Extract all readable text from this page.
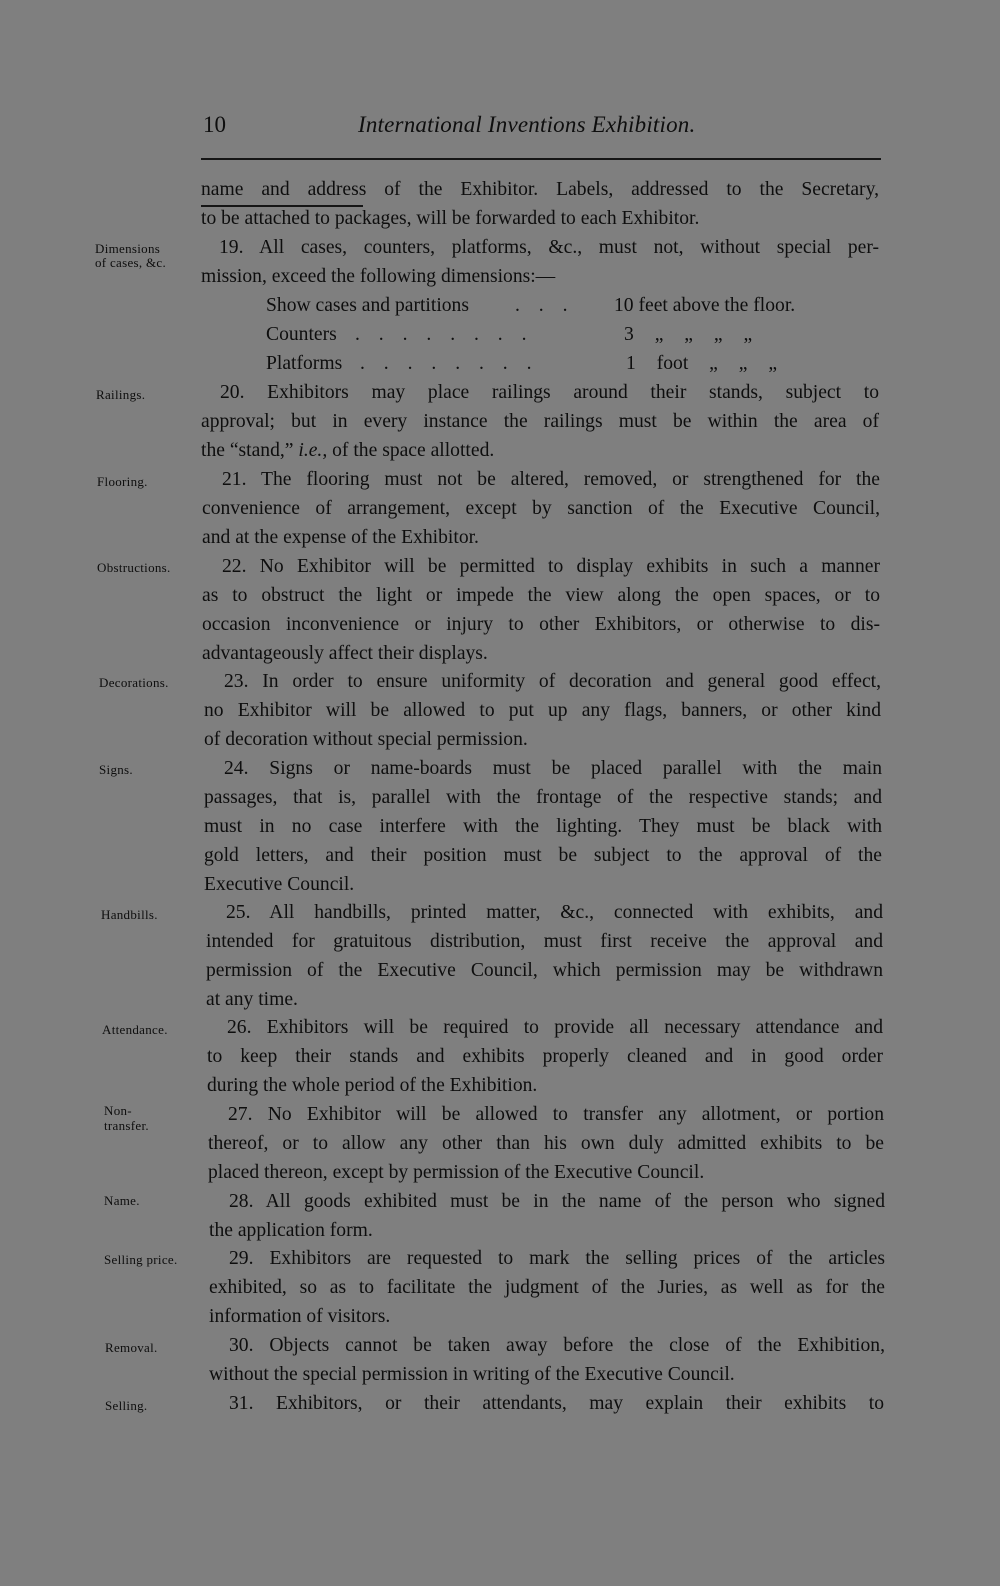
10	International Inventions Exhibition.
name and address of the Exhibitor. Labels, addressed to the Secretary,
to be attached to packages, will be forwarded to each Exhibitor.
19. All cases, counters, platforms, &c., must not, without special per-
mission, exceed the following dimensions:—
Show cases and partitions . . . 10 feet above the floor.
Counters . . . . . . . .	3 „ „ „ „
Platforms . . . . . . . .	1 foot „ „ „
20. Exhibitors may place railings around their stands, subject to
approval; but in every instance the railings must be within the area of
the “stand,” i.e., of the space allotted.
21. The flooring must not be altered, removed, or strengthened for the
convenience of arrangement, except by sanction of the Executive Council,
and at the expense of the Exhibitor.
22. No Exhibitor will be permitted to display exhibits in such a manner
as to obstruct the light or impede the view along the open spaces, or to
occasion inconvenience or injury to other Exhibitors, or otherwise to dis-
advantageously affect their displays.
23. In order to ensure uniformity of decoration and general good effect,
no Exhibitor will be allowed to put up any flags, banners, or other kind
of decoration without special permission.
24. Signs or name-boards must be placed parallel with the main
passages, that is, parallel with the frontage of the respective stands; and
must in no case interfere with the lighting. They must be black with
gold letters, and their position must be subject to the approval of the
Executive Council.
25. All handbills, printed matter, &c., connected with exhibits, and
intended for gratuitous distribution, must first receive the approval and
permission of the Executive Council, which permission may be withdrawn
at any time.
26. Exhibitors will be required to provide all necessary attendance and
to keep their stands and exhibits properly cleaned and in good order
during the whole period of the Exhibition.
27. No Exhibitor will be allowed to transfer any allotment, or portion
thereof, or to allow any other than his own duly admitted exhibits to be
placed thereon, except by permission of the Executive Council.
28. All goods exhibited must be in the name of the person who signed
the application form.
29. Exhibitors are requested to mark the selling prices of the articles
exhibited, so as to facilitate the judgment of the Juries, as well as for the
information of visitors.
30. Objects cannot be taken away before the close of the Exhibition,
without the special permission in writing of the Executive Council.
31. Exhibitors, or their attendants, may explain their exhibits to
Dimensions
of cases, &c.
Railings.
Flooring.
Obstructions.
Decorations.
Signs.
Handbills.
Attendance.
Non-
transfer.
Name.
Selling price.
Removal.
Selling.
